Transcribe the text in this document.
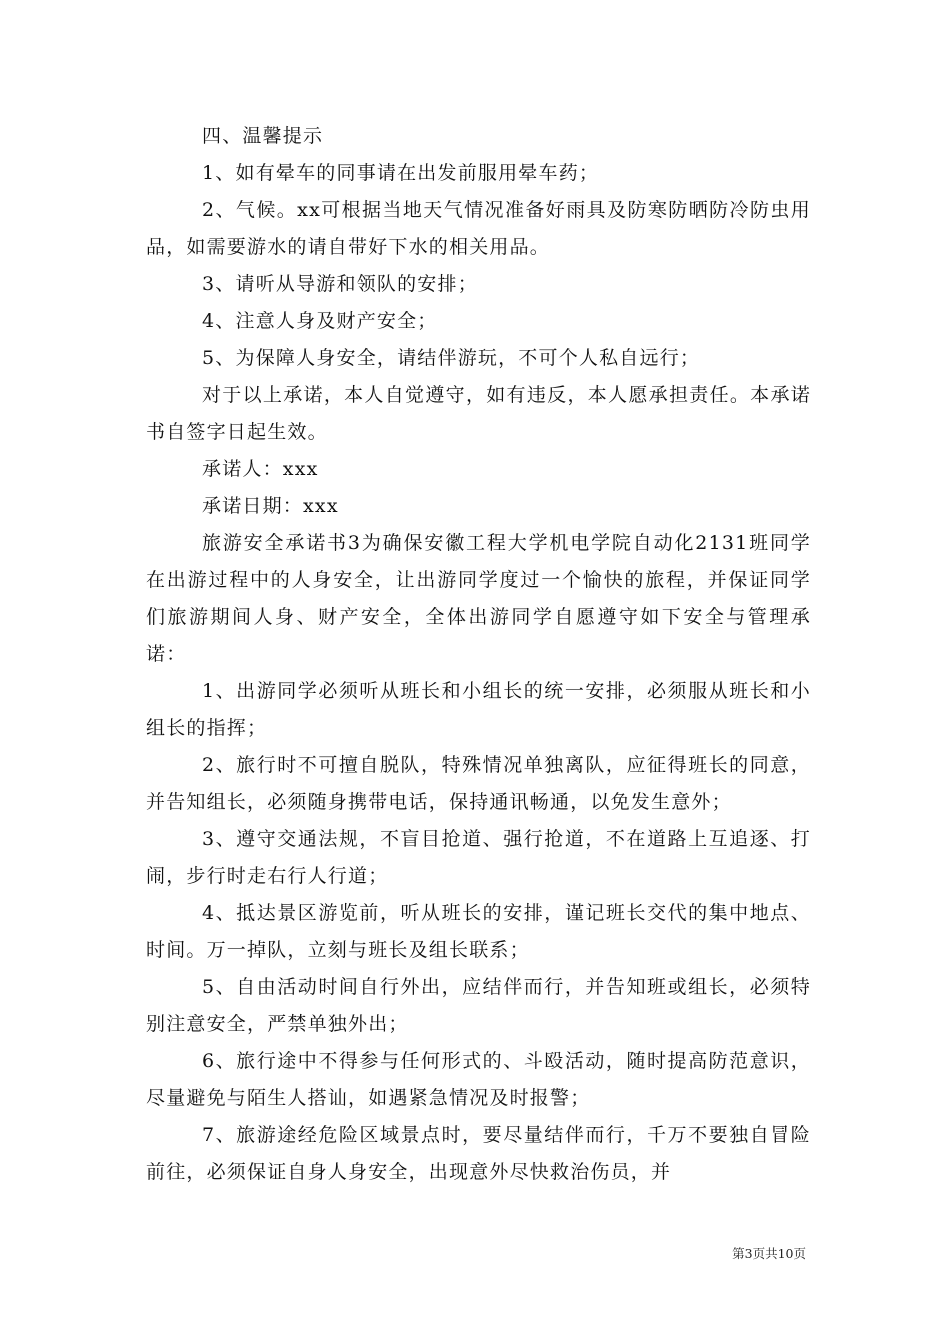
四、温馨提示

1、如有晕车的同事请在出发前服用晕车药；

2、气候。xx可根据当地天气情况准备好雨具及防寒防晒防冷防虫用品，如需要游水的请自带好下水的相关用品。

3、请听从导游和领队的安排；

4、注意人身及财产安全；

5、为保障人身安全，请结伴游玩，不可个人私自远行；

对于以上承诺，本人自觉遵守，如有违反，本人愿承担责任。本承诺书自签字日起生效。

承诺人：xxx

承诺日期：xxx

旅游安全承诺书3为确保安徽工程大学机电学院自动化2131班同学在出游过程中的人身安全，让出游同学度过一个愉快的旅程，并保证同学们旅游期间人身、财产安全，全体出游同学自愿遵守如下安全与管理承诺：

1、出游同学必须听从班长和小组长的统一安排，必须服从班长和小组长的指挥；

2、旅行时不可擅自脱队，特殊情况单独离队，应征得班长的同意，并告知组长，必须随身携带电话，保持通讯畅通，以免发生意外；

3、遵守交通法规，不盲目抢道、强行抢道，不在道路上互追逐、打闹，步行时走右行人行道；

4、抵达景区游览前，听从班长的安排，谨记班长交代的集中地点、时间。万一掉队，立刻与班长及组长联系；

5、自由活动时间自行外出，应结伴而行，并告知班或组长，必须特别注意安全，严禁单独外出；

6、旅行途中不得参与任何形式的、斗殴活动，随时提高防范意识，尽量避免与陌生人搭讪，如遇紧急情况及时报警；

7、旅游途经危险区域景点时，要尽量结伴而行，千万不要独自冒险前往，必须保证自身人身安全，出现意外尽快救治伤员，并

第3页共10页
